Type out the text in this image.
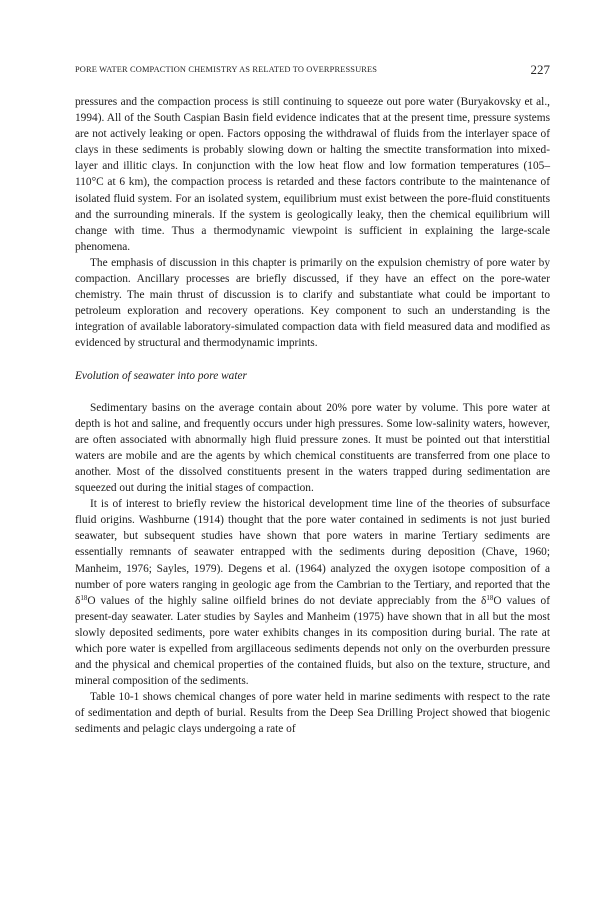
PORE WATER COMPACTION CHEMISTRY AS RELATED TO OVERPRESSURES	227

pressures and the compaction process is still continuing to squeeze out pore water (Buryakovsky et al., 1994). All of the South Caspian Basin field evidence indicates that at the present time, pressure systems are not actively leaking or open. Factors opposing the withdrawal of fluids from the interlayer space of clays in these sediments is probably slowing down or halting the smectite transformation into mixed-layer and illitic clays. In conjunction with the low heat flow and low formation temperatures (105–110°C at 6 km), the compaction process is retarded and these factors contribute to the maintenance of isolated fluid system. For an isolated system, equilibrium must exist between the pore-fluid constituents and the surrounding minerals. If the system is geologically leaky, then the chemical equilibrium will change with time. Thus a thermodynamic viewpoint is sufficient in explaining the large-scale phenomena.

The emphasis of discussion in this chapter is primarily on the expulsion chemistry of pore water by compaction. Ancillary processes are briefly discussed, if they have an effect on the pore-water chemistry. The main thrust of discussion is to clarify and substantiate what could be important to petroleum exploration and recovery operations. Key component to such an understanding is the integration of available laboratory-simulated compaction data with field measured data and modified as evidenced by structural and thermodynamic imprints.

Evolution of seawater into pore water

Sedimentary basins on the average contain about 20% pore water by volume. This pore water at depth is hot and saline, and frequently occurs under high pressures. Some low-salinity waters, however, are often associated with abnormally high fluid pressure zones. It must be pointed out that interstitial waters are mobile and are the agents by which chemical constituents are transferred from one place to another. Most of the dissolved constituents present in the waters trapped during sedimentation are squeezed out during the initial stages of compaction.

It is of interest to briefly review the historical development time line of the theories of subsurface fluid origins. Washburne (1914) thought that the pore water contained in sediments is not just buried seawater, but subsequent studies have shown that pore waters in marine Tertiary sediments are essentially remnants of seawater entrapped with the sediments during deposition (Chave, 1960; Manheim, 1976; Sayles, 1979). Degens et al. (1964) analyzed the oxygen isotope composition of a number of pore waters ranging in geologic age from the Cambrian to the Tertiary, and reported that the $\delta^{18}O$ values of the highly saline oilfield brines do not deviate appreciably from the $\delta^{18}O$ values of present-day seawater. Later studies by Sayles and Manheim (1975) have shown that in all but the most slowly deposited sediments, pore water exhibits changes in its composition during burial. The rate at which pore water is expelled from argillaceous sediments depends not only on the overburden pressure and the physical and chemical properties of the contained fluids, but also on the texture, structure, and mineral composition of the sediments.

Table 10-1 shows chemical changes of pore water held in marine sediments with respect to the rate of sedimentation and depth of burial. Results from the Deep Sea Drilling Project showed that biogenic sediments and pelagic clays undergoing a rate of
